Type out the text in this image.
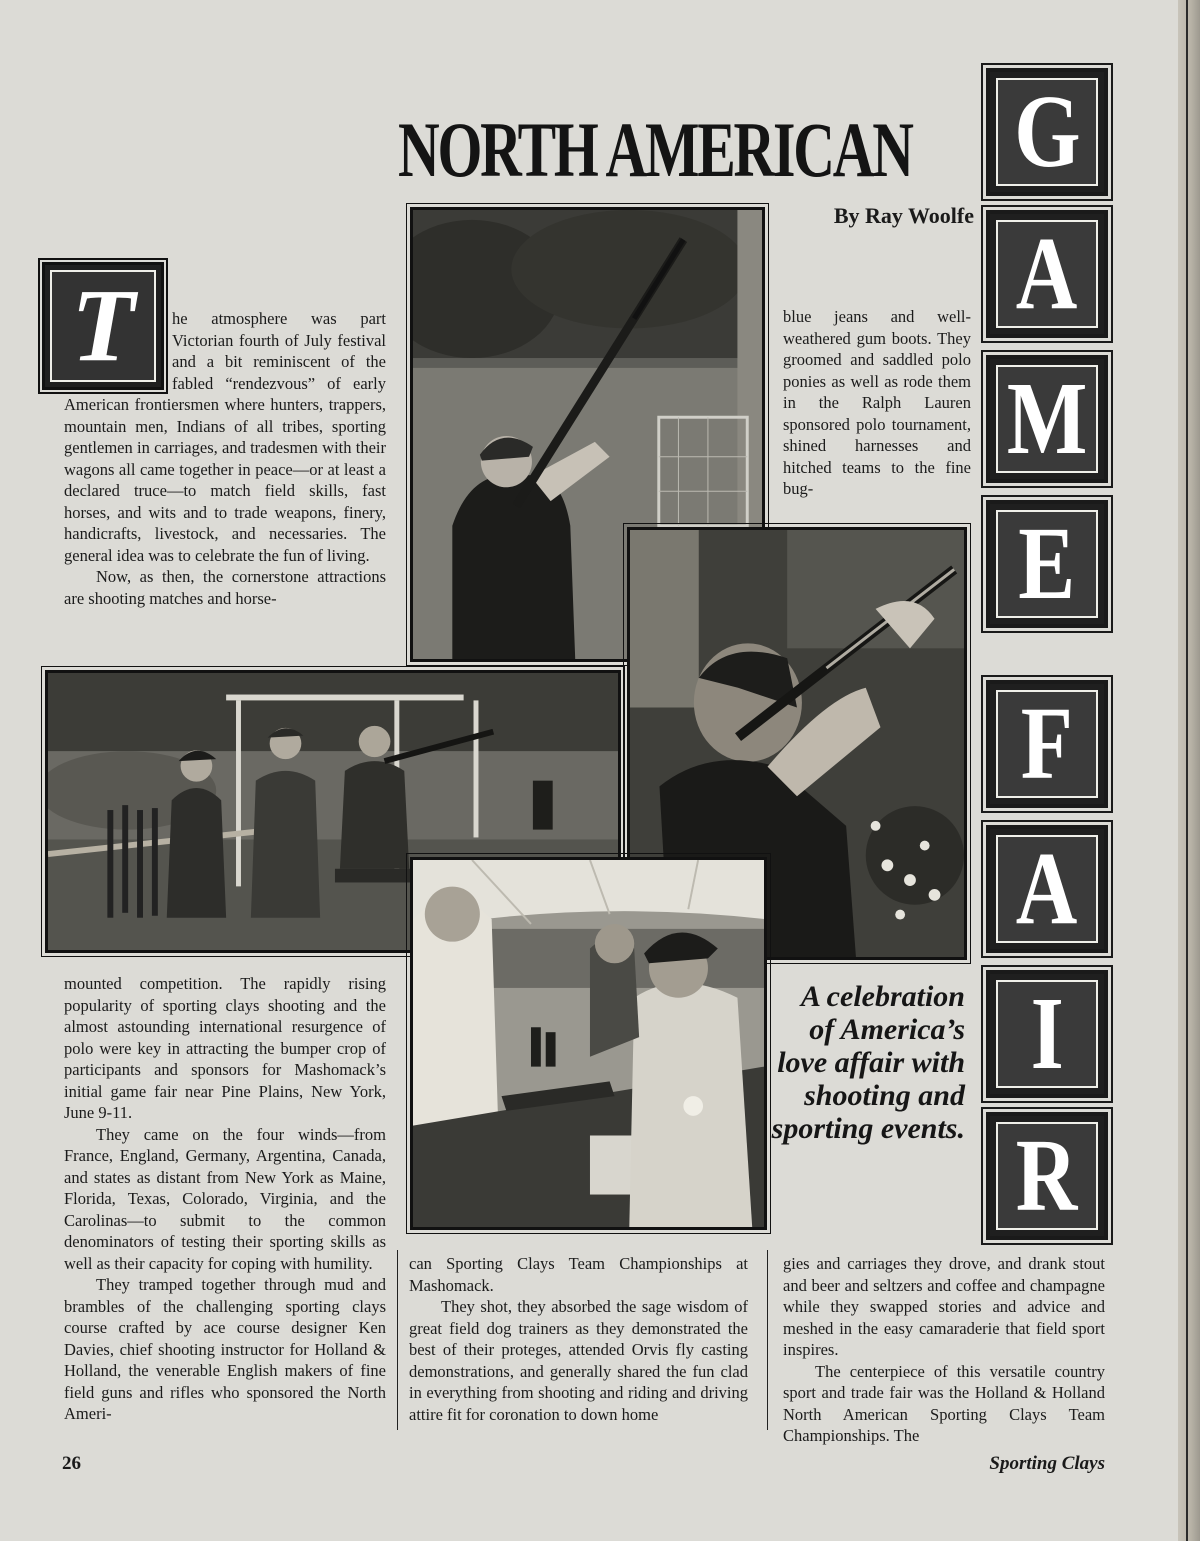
NORTH AMERICAN
By Ray Woolfe
G
A
M
E
F
A
I
R
T	he atmosphere was part Victorian fourth of July festival and a bit reminiscent of the fabled “rendezvous” of early American frontiersmen where hunters, trappers, mountain men, Indians of all tribes, sporting gentlemen in carriages, and tradesmen with their wagons all came together in peace—or at least a declared truce—to match field skills, fast horses, and wits and to trade weapons, finery, handicrafts, livestock, and necessaries. The general idea was to celebrate the fun of living.

Now, as then, the cornerstone attractions are shooting matches and horse-

blue jeans and well-weathered gum boots. They groomed and saddled polo ponies as well as rode them in the Ralph Lauren sponsored polo tournament, shined harnesses and hitched teams to the fine bug-

mounted competition. The rapidly rising popularity of sporting clays shooting and the almost astounding international resurgence of polo were key in attracting the bumper crop of participants and sponsors for Mashomack’s initial game fair near Pine Plains, New York, June 9-11.

They came on the four winds—from France, England, Germany, Argentina, Canada, and states as distant from New York as Maine, Florida, Texas, Colorado, Virginia, and the Carolinas—to submit to the common denominators of testing their sporting skills as well as their capacity for coping with humility.

They tramped together through mud and brambles of the challenging sporting clays course crafted by ace course designer Ken Davies, chief shooting instructor for Holland & Holland, the venerable English makers of fine field guns and rifles who sponsored the North Ameri-

A celebration of America’s love affair with shooting and sporting events.

can Sporting Clays Team Championships at Mashomack.

They shot, they absorbed the sage wisdom of great field dog trainers as they demonstrated the best of their proteges, attended Orvis fly casting demonstrations, and generally shared the fun clad in everything from shooting and riding and driving attire fit for coronation to down home

gies and carriages they drove, and drank stout and beer and seltzers and coffee and champagne while they swapped stories and advice and meshed in the easy camaraderie that field sport inspires.

The centerpiece of this versatile country sport and trade fair was the Holland & Holland North American Sporting Clays Team Championships. The

26	Sporting Clays
